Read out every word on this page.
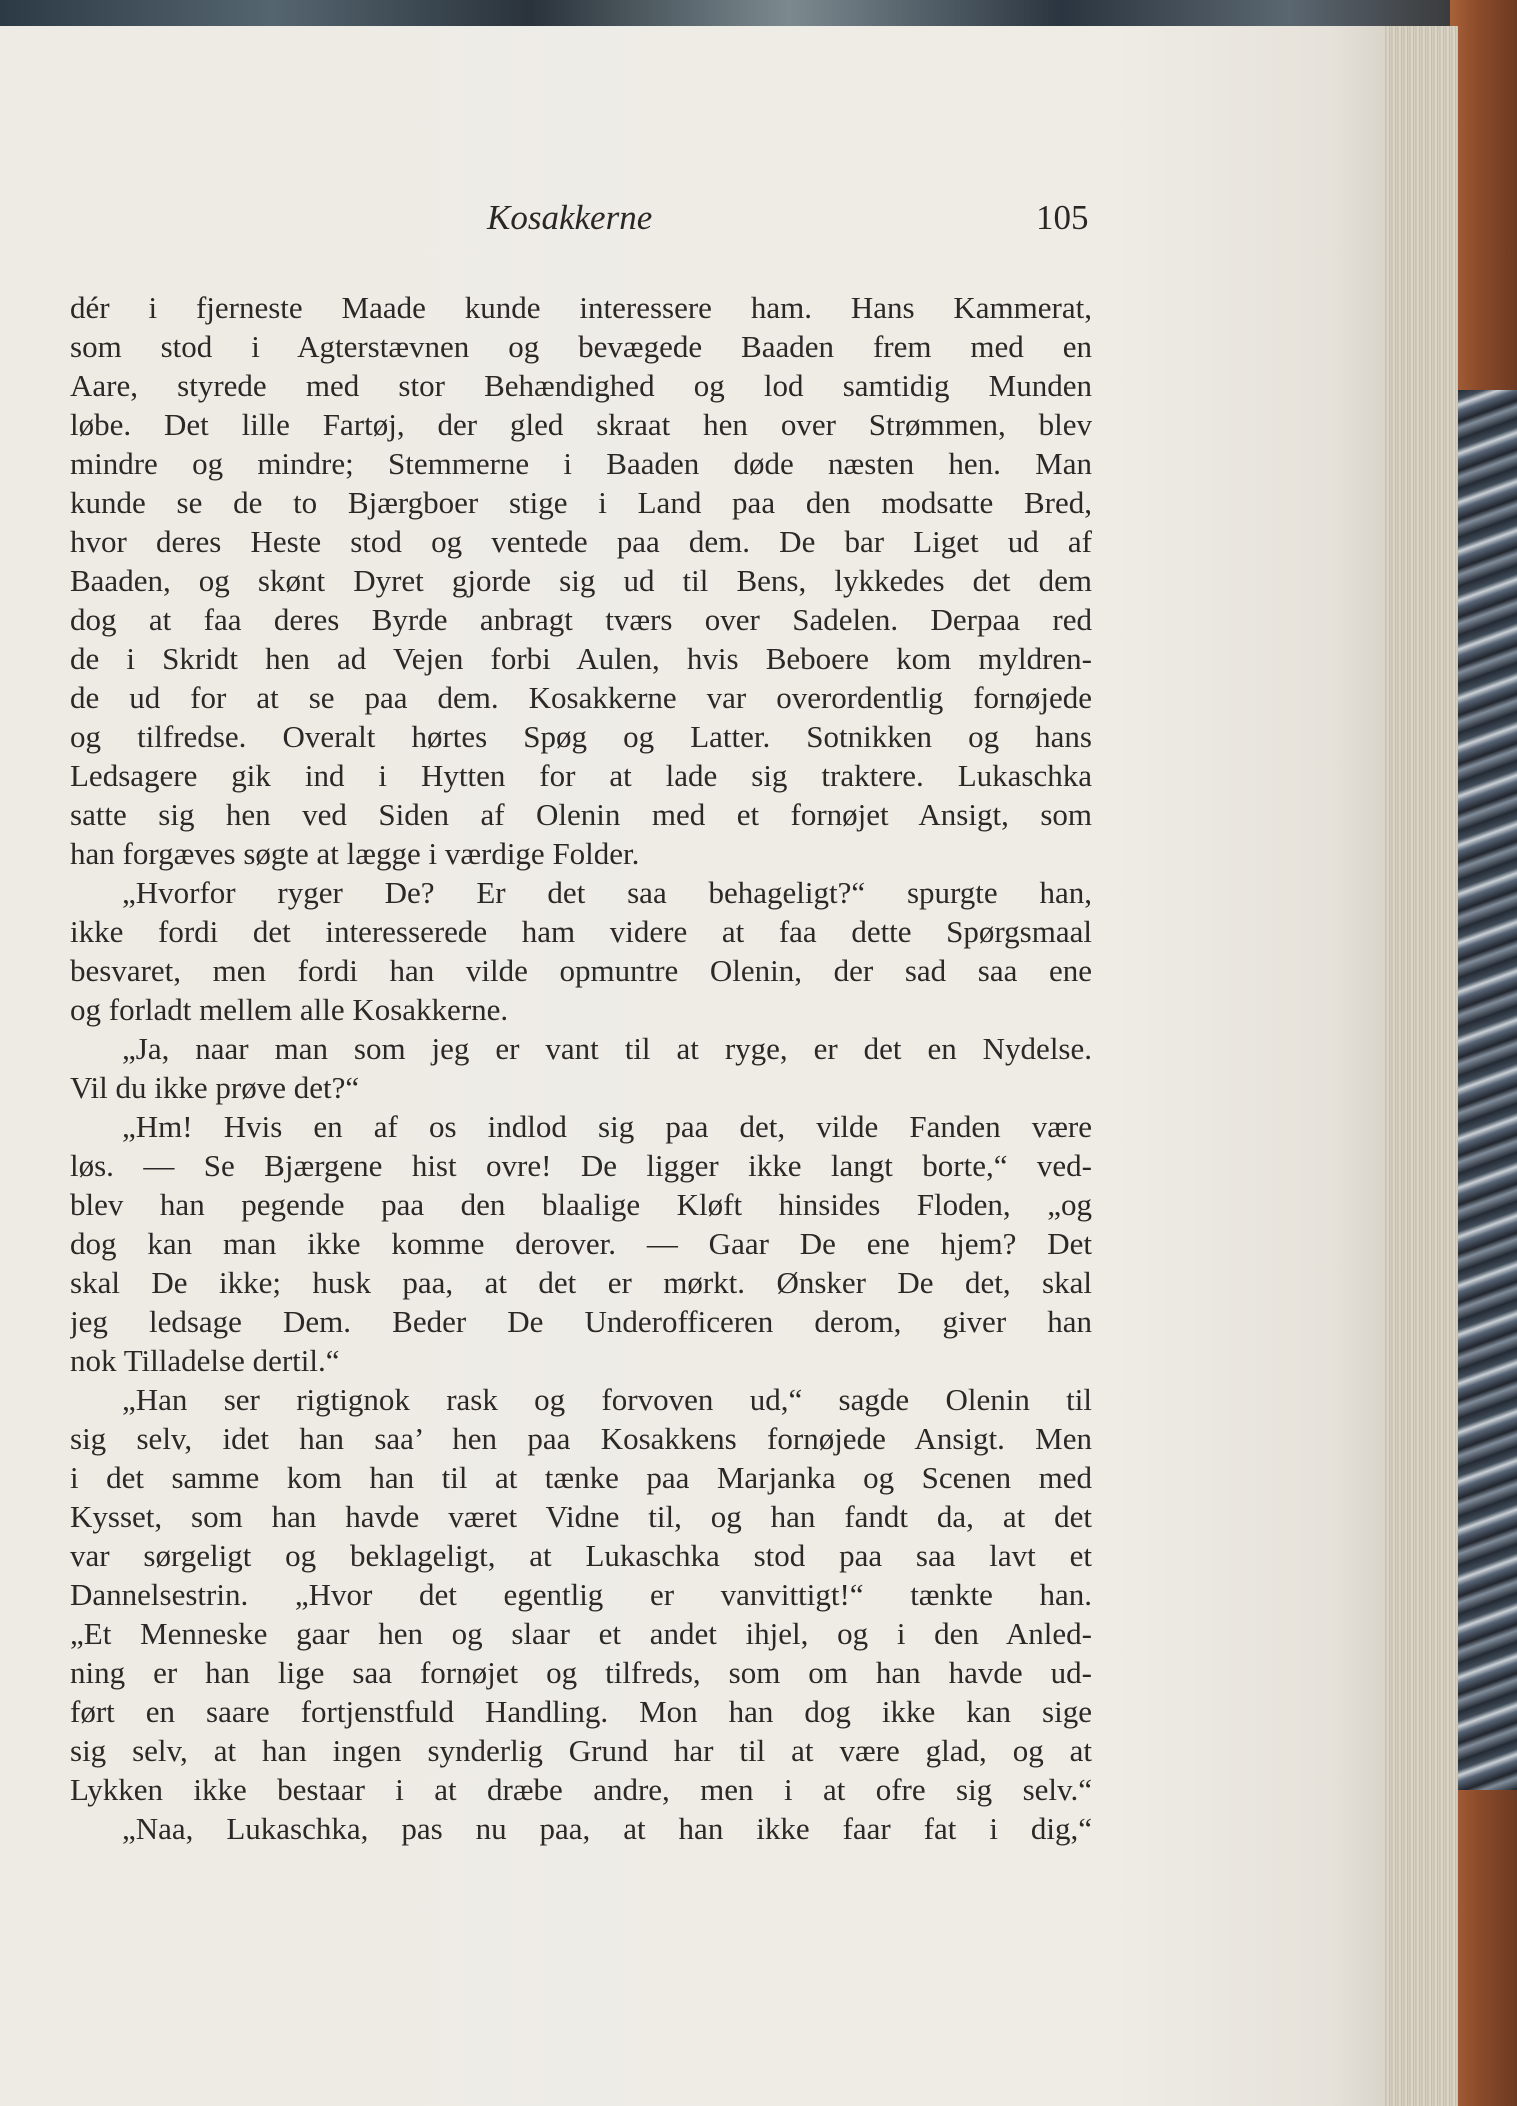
Kosakkerne	105
dér i fjerneste Maade kunde interessere ham. Hans Kammerat,
som stod i Agterstævnen og bevægede Baaden frem med en
Aare, styrede med stor Behændighed og lod samtidig Munden
løbe. Det lille Fartøj, der gled skraat hen over Strømmen, blev
mindre og mindre; Stemmerne i Baaden døde næsten hen. Man
kunde se de to Bjærgboer stige i Land paa den modsatte Bred,
hvor deres Heste stod og ventede paa dem. De bar Liget ud af
Baaden, og skønt Dyret gjorde sig ud til Bens, lykkedes det dem
dog at faa deres Byrde anbragt tværs over Sadelen. Derpaa red
de i Skridt hen ad Vejen forbi Aulen, hvis Beboere kom myldren-
de ud for at se paa dem. Kosakkerne var overordentlig fornøjede
og tilfredse. Overalt hørtes Spøg og Latter. Sotnikken og hans
Ledsagere gik ind i Hytten for at lade sig traktere. Lukaschka
satte sig hen ved Siden af Olenin med et fornøjet Ansigt, som
han forgæves søgte at lægge i værdige Folder.
„Hvorfor ryger De? Er det saa behageligt?“ spurgte han,
ikke fordi det interesserede ham videre at faa dette Spørgsmaal
besvaret, men fordi han vilde opmuntre Olenin, der sad saa ene
og forladt mellem alle Kosakkerne.
„Ja, naar man som jeg er vant til at ryge, er det en Nydelse.
Vil du ikke prøve det?“
„Hm! Hvis en af os indlod sig paa det, vilde Fanden være
løs. — Se Bjærgene hist ovre! De ligger ikke langt borte,“ ved-
blev han pegende paa den blaalige Kløft hinsides Floden, „og
dog kan man ikke komme derover. — Gaar De ene hjem? Det
skal De ikke; husk paa, at det er mørkt. Ønsker De det, skal
jeg ledsage Dem. Beder De Underofficeren derom, giver han
nok Tilladelse dertil.“
„Han ser rigtignok rask og forvoven ud,“ sagde Olenin til
sig selv, idet han saa’ hen paa Kosakkens fornøjede Ansigt. Men
i det samme kom han til at tænke paa Marjanka og Scenen med
Kysset, som han havde været Vidne til, og han fandt da, at det
var sørgeligt og beklageligt, at Lukaschka stod paa saa lavt et
Dannelsestrin. „Hvor det egentlig er vanvittigt!“ tænkte han.
„Et Menneske gaar hen og slaar et andet ihjel, og i den Anled-
ning er han lige saa fornøjet og tilfreds, som om han havde ud-
ført en saare fortjenstfuld Handling. Mon han dog ikke kan sige
sig selv, at han ingen synderlig Grund har til at være glad, og at
Lykken ikke bestaar i at dræbe andre, men i at ofre sig selv.“
„Naa, Lukaschka, pas nu paa, at han ikke faar fat i dig,“
